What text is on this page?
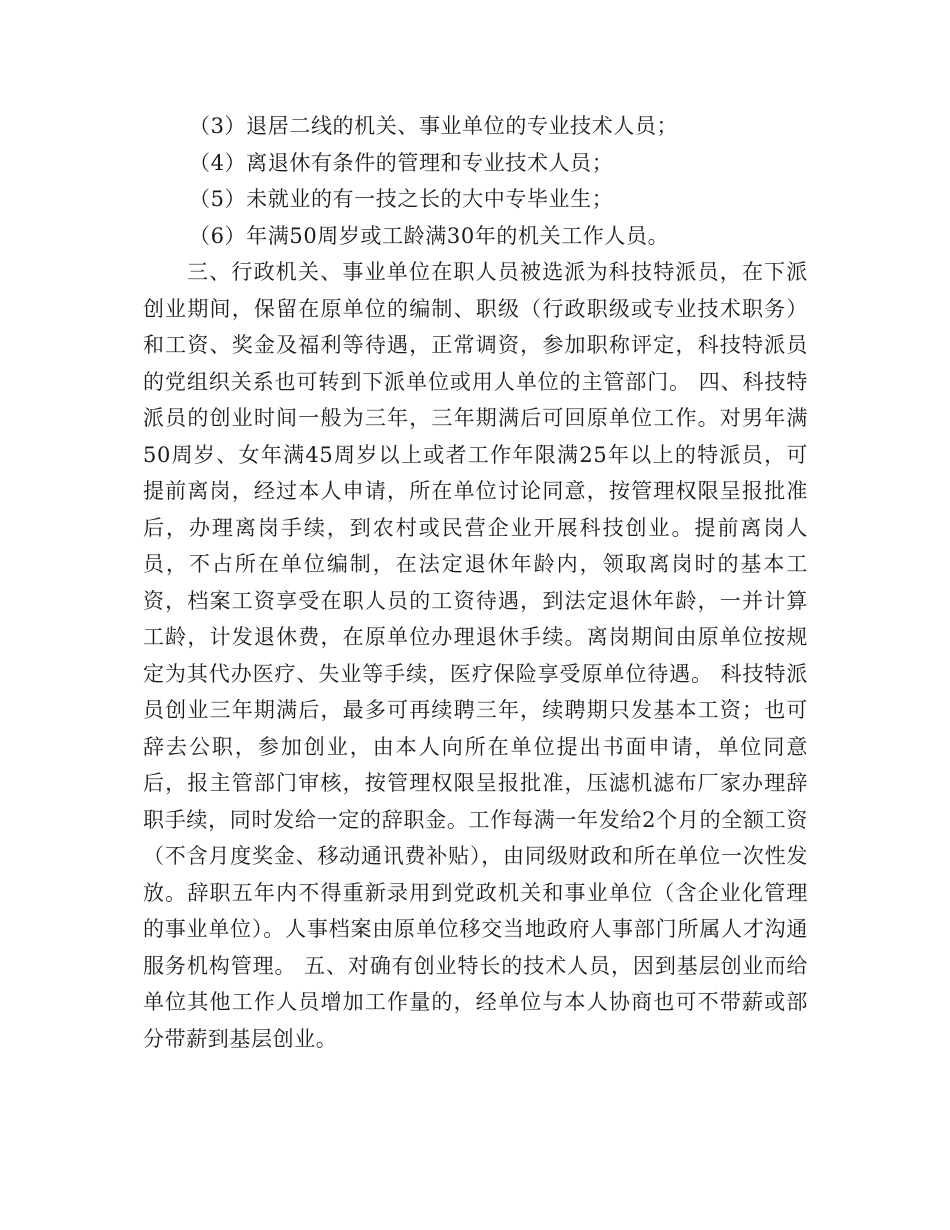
（3）退居二线的机关、事业单位的专业技术人员；

（4）离退休有条件的管理和专业技术人员；

（5）未就业的有一技之长的大中专毕业生；

（6）年满50周岁或工龄满30年的机关工作人员。

三、行政机关、事业单位在职人员被选派为科技特派员，在下派创业期间，保留在原单位的编制、职级（行政职级或专业技术职务）和工资、奖金及福利等待遇，正常调资，参加职称评定，科技特派员的党组织关系也可转到下派单位或用人单位的主管部门。 四、科技特派员的创业时间一般为三年，三年期满后可回原单位工作。对男年满50周岁、女年满45周岁以上或者工作年限满25年以上的特派员，可提前离岗，经过本人申请，所在单位讨论同意，按管理权限呈报批准后，办理离岗手续，到农村或民营企业开展科技创业。提前离岗人员，不占所在单位编制，在法定退休年龄内，领取离岗时的基本工资，档案工资享受在职人员的工资待遇，到法定退休年龄，一并计算工龄，计发退休费，在原单位办理退休手续。离岗期间由原单位按规定为其代办医疗、失业等手续，医疗保险享受原单位待遇。 科技特派员创业三年期满后，最多可再续聘三年，续聘期只发基本工资；也可辞去公职，参加创业，由本人向所在单位提出书面申请，单位同意后，报主管部门审核，按管理权限呈报批准，压滤机滤布厂家办理辞职手续，同时发给一定的辞职金。工作每满一年发给2个月的全额工资（不含月度奖金、移动通讯费补贴），由同级财政和所在单位一次性发放。辞职五年内不得重新录用到党政机关和事业单位（含企业化管理的事业单位）。人事档案由原单位移交当地政府人事部门所属人才沟通服务机构管理。 五、对确有创业特长的技术人员，因到基层创业而给单位其他工作人员增加工作量的，经单位与本人协商也可不带薪或部分带薪到基层创业。
